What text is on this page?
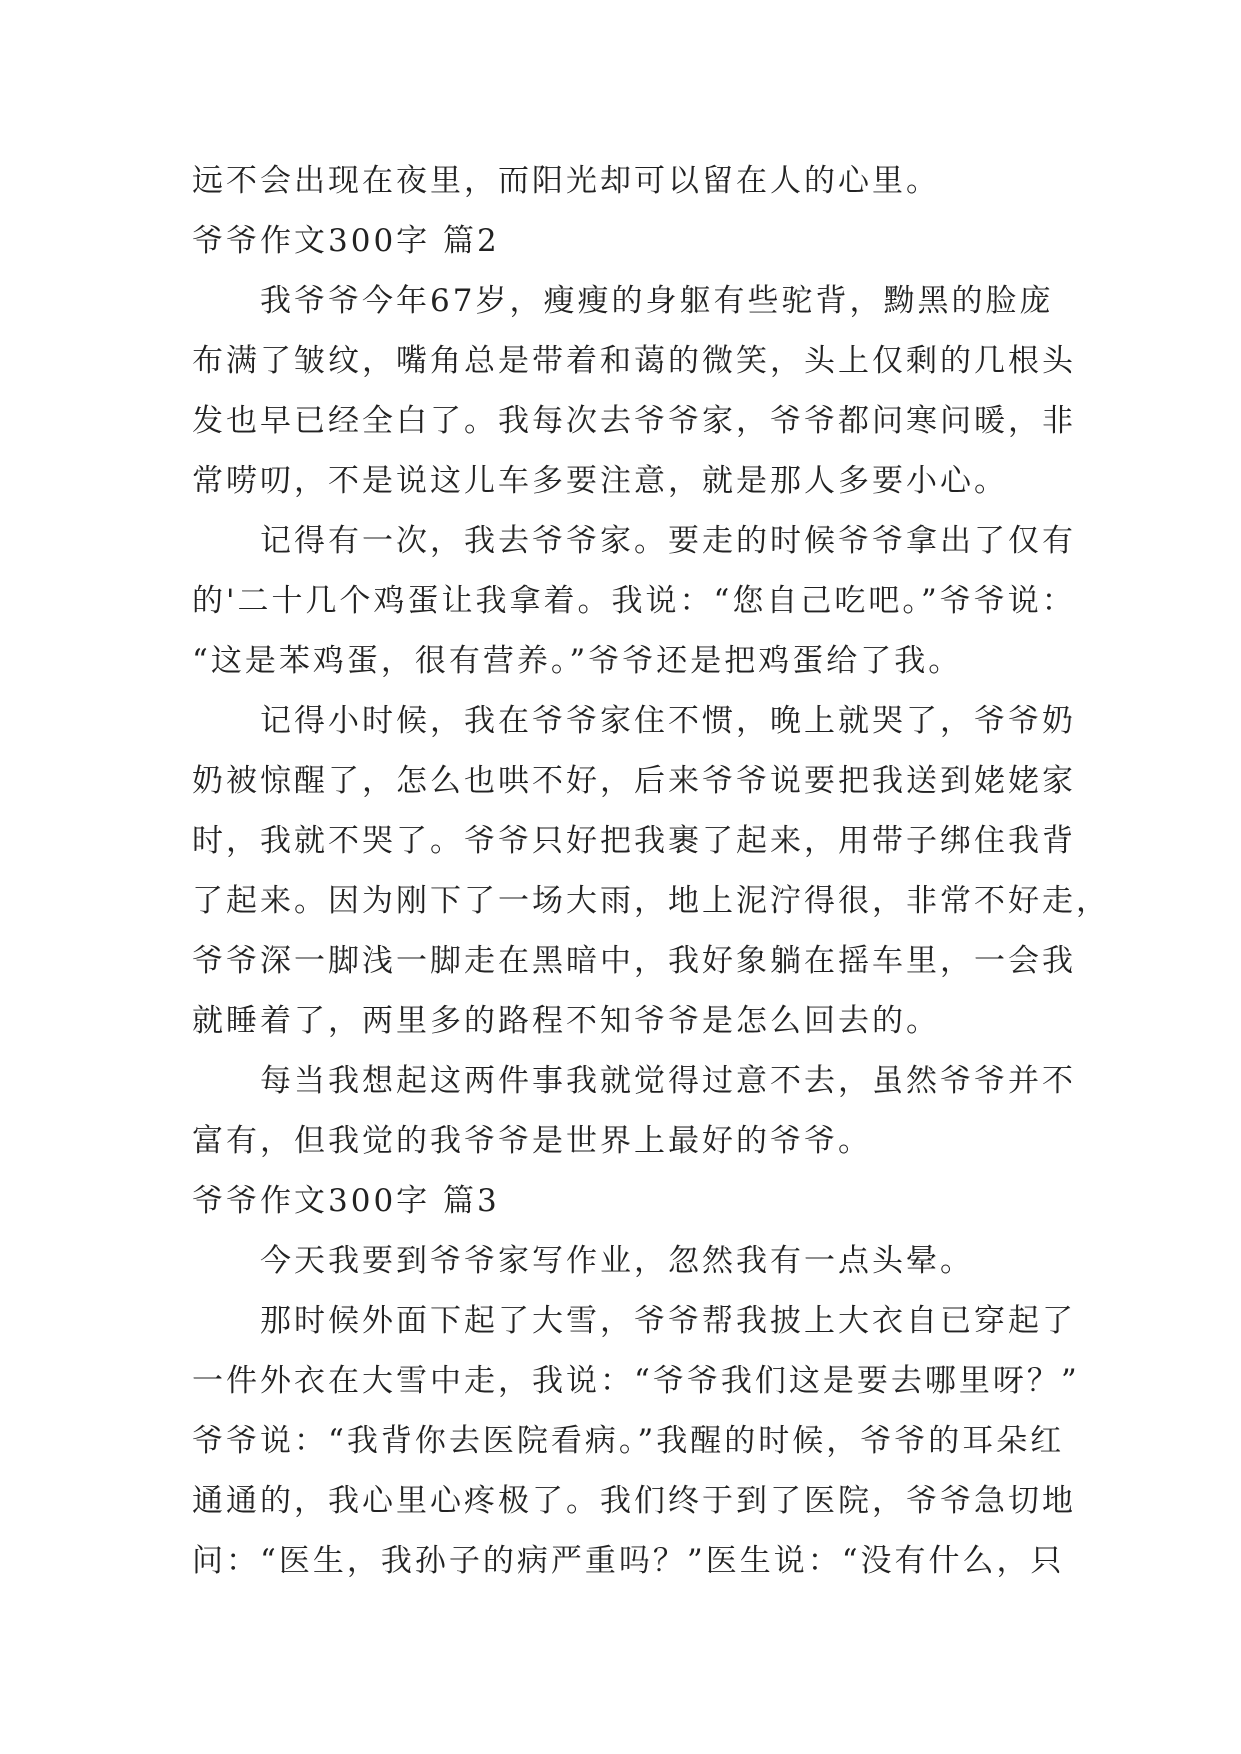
远不会出现在夜里，而阳光却可以留在人的心里。
爷爷作文300字 篇2
我爷爷今年67岁，瘦瘦的身躯有些驼背，黝黑的脸庞
布满了皱纹，嘴角总是带着和蔼的微笑，头上仅剩的几根头
发也早已经全白了。我每次去爷爷家，爷爷都问寒问暖，非
常唠叨，不是说这儿车多要注意，就是那人多要小心。
记得有一次，我去爷爷家。要走的时候爷爷拿出了仅有
的'二十几个鸡蛋让我拿着。我说：“您自己吃吧。”爷爷说：
“这是苯鸡蛋，很有营养。”爷爷还是把鸡蛋给了我。
记得小时候，我在爷爷家住不惯，晚上就哭了，爷爷奶
奶被惊醒了，怎么也哄不好，后来爷爷说要把我送到姥姥家
时，我就不哭了。爷爷只好把我裹了起来，用带子绑住我背
了起来。因为刚下了一场大雨，地上泥泞得很，非常不好走，
爷爷深一脚浅一脚走在黑暗中，我好象躺在摇车里，一会我
就睡着了，两里多的路程不知爷爷是怎么回去的。
每当我想起这两件事我就觉得过意不去，虽然爷爷并不
富有，但我觉的我爷爷是世界上最好的爷爷。
爷爷作文300字 篇3
今天我要到爷爷家写作业，忽然我有一点头晕。
那时候外面下起了大雪，爷爷帮我披上大衣自已穿起了
一件外衣在大雪中走，我说：“爷爷我们这是要去哪里呀？”
爷爷说：“我背你去医院看病。”我醒的时候，爷爷的耳朵红
通通的，我心里心疼极了。我们终于到了医院，爷爷急切地
问：“医生，我孙子的病严重吗？”医生说：“没有什么，只
